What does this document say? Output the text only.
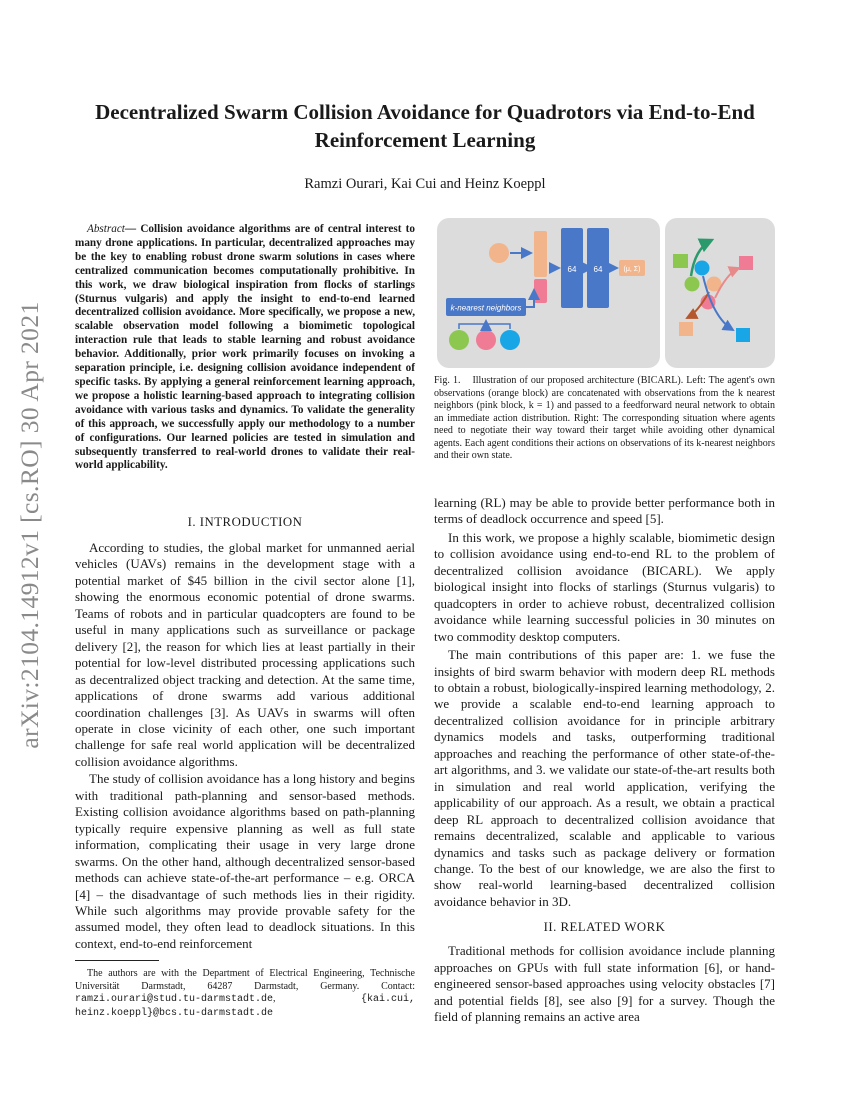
arXiv:2104.14912v1 [cs.RO] 30 Apr 2021
Decentralized Swarm Collision Avoidance for Quadrotors via End-to-End Reinforcement Learning
Ramzi Ourari, Kai Cui and Heinz Koeppl
Abstract— Collision avoidance algorithms are of central interest to many drone applications. In particular, decentralized approaches may be the key to enabling robust drone swarm solutions in cases where centralized communication becomes computationally prohibitive. In this work, we draw biological inspiration from flocks of starlings (Sturnus vulgaris) and apply the insight to end-to-end learned decentralized collision avoidance. More specifically, we propose a new, scalable observation model following a biomimetic topological interaction rule that leads to stable learning and robust avoidance behavior. Additionally, prior work primarily focuses on invoking a separation principle, i.e. designing collision avoidance independent of specific tasks. By applying a general reinforcement learning approach, we propose a holistic learning-based approach to integrating collision avoidance with various tasks and dynamics. To validate the generality of this approach, we successfully apply our methodology to a number of configurations. Our learned policies are tested in simulation and subsequently transferred to real-world drones to validate their real-world applicability.
I. INTRODUCTION

According to studies, the global market for unmanned aerial vehicles (UAVs) remains in the development stage with a potential market of $45 billion in the civil sector alone [1], showing the enormous economic potential of drone swarms. Teams of robots and in particular quadcopters are found to be useful in many applications such as surveillance or package delivery [2], the reason for which lies at least partially in their potential for low-level distributed processing applications such as decentralized object tracking and detection. At the same time, applications of drone swarms add various additional coordination challenges [3]. As UAVs in swarms will often operate in close vicinity of each other, one such important challenge for safe real world application will be decentralized collision avoidance algorithms.

The study of collision avoidance has a long history and begins with traditional path-planning and sensor-based methods. Existing collision avoidance algorithms based on path-planning typically require expensive planning as well as full state information, complicating their usage in very large drone swarms. On the other hand, although decentralized sensor-based methods can achieve state-of-the-art performance – e.g. ORCA [4] – the disadvantage of such methods lies in their rigidity. While such algorithms may provide provable safety for the assumed model, they often lead to deadlock situations. In this context, end-to-end reinforcement

The authors are with the Department of Electrical Engineering, Technische Universität Darmstadt, 64287 Darmstadt, Germany. Contact: ramzi.ourari@stud.tu-darmstadt.de, {kai.cui, heinz.koeppl}@bcs.tu-darmstadt.de
64 64	(μ, Σ)
k-nearest neighbors
Fig. 1. Illustration of our proposed architecture (BICARL). Left: The agent's own observations (orange block) are concatenated with observations from the k nearest neighbors (pink block, k = 1) and passed to a feedforward neural network to obtain an immediate action distribution. Right: The corresponding situation where agents need to negotiate their way toward their target while avoiding other dynamical agents. Each agent conditions their actions on observations of its k-nearest neighbors and their own state.

learning (RL) may be able to provide better performance both in terms of deadlock occurrence and speed [5].

In this work, we propose a highly scalable, biomimetic design to collision avoidance using end-to-end RL to the problem of decentralized collision avoidance (BICARL). We apply biological insight into flocks of starlings (Sturnus vulgaris) to quadcopters in order to achieve robust, decentralized collision avoidance while learning successful policies in 30 minutes on two commodity desktop computers.

The main contributions of this paper are: 1. we fuse the insights of bird swarm behavior with modern deep RL methods to obtain a robust, biologically-inspired learning methodology, 2. we provide a scalable end-to-end learning approach to decentralized collision avoidance for in principle arbitrary dynamics models and tasks, outperforming traditional approaches and reaching the performance of other state-of-the-art algorithms, and 3. we validate our state-of-the-art results both in simulation and real world application, verifying the applicability of our approach. As a result, we obtain a practical deep RL approach to decentralized collision avoidance that remains decentralized, scalable and applicable to various dynamics and tasks such as package delivery or formation change. To the best of our knowledge, we are also the first to show real-world learning-based decentralized collision avoidance behavior in 3D.

II. RELATED WORK

Traditional methods for collision avoidance include planning approaches on GPUs with full state information [6], or hand-engineered sensor-based approaches using velocity obstacles [7] and potential fields [8], see also [9] for a survey. Though the field of planning remains an active area
